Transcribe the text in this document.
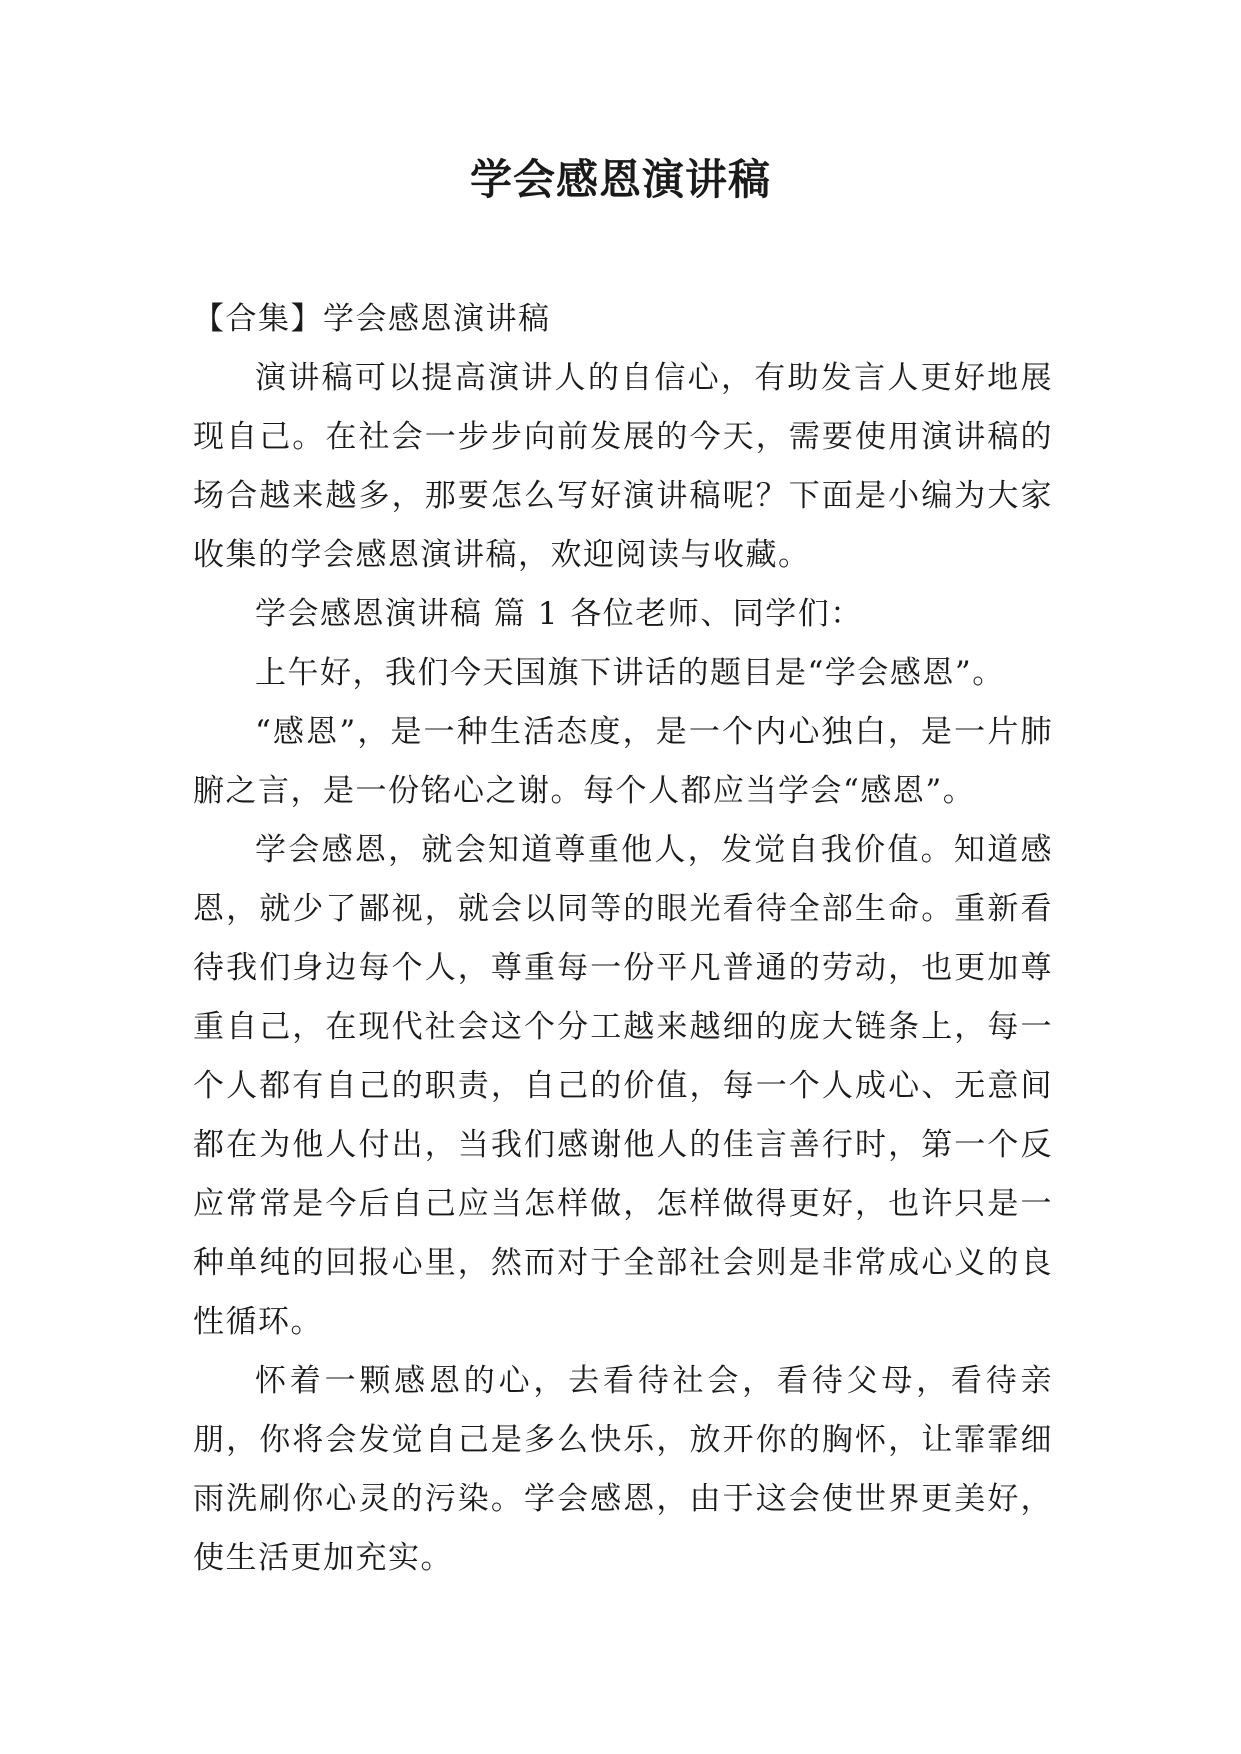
学会感恩演讲稿

【合集】学会感恩演讲稿

演讲稿可以提高演讲人的自信心，有助发言人更好地展现自己。在社会一步步向前发展的今天，需要使用演讲稿的场合越来越多，那要怎么写好演讲稿呢？下面是小编为大家收集的学会感恩演讲稿，欢迎阅读与收藏。

学会感恩演讲稿 篇 1 各位老师、同学们：

上午好，我们今天国旗下讲话的题目是“学会感恩”。

“感恩”，是一种生活态度，是一个内心独白，是一片肺腑之言，是一份铭心之谢。每个人都应当学会“感恩”。

学会感恩，就会知道尊重他人，发觉自我价值。知道感恩，就少了鄙视，就会以同等的眼光看待全部生命。重新看待我们身边每个人，尊重每一份平凡普通的劳动，也更加尊重自己，在现代社会这个分工越来越细的庞大链条上，每一个人都有自己的职责，自己的价值，每一个人成心、无意间都在为他人付出，当我们感谢他人的佳言善行时，第一个反应常常是今后自己应当怎样做，怎样做得更好，也许只是一种单纯的回报心里，然而对于全部社会则是非常成心义的良性循环。

怀着一颗感恩的心，去看待社会，看待父母，看待亲朋，你将会发觉自己是多么快乐，放开你的胸怀，让霏霏细雨洗刷你心灵的污染。学会感恩，由于这会使世界更美好，使生活更加充实。
